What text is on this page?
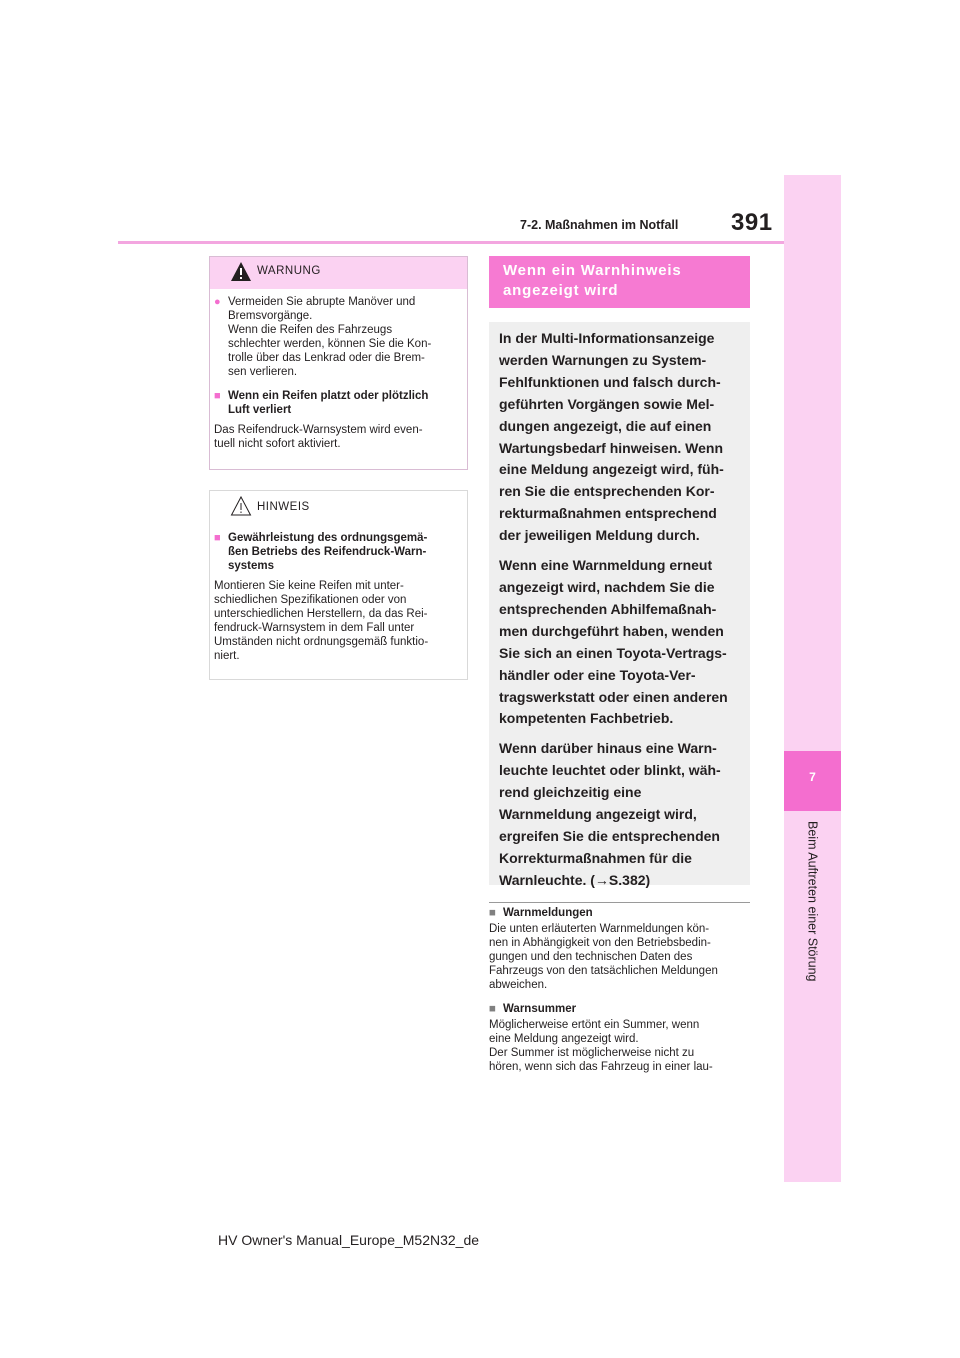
7-2. Maßnahmen im Notfall 391
7
Beim Auftreten einer Störung
WARNUNG
● Vermeiden Sie abrupte Manöver und
Bremsvorgänge.
Wenn die Reifen des Fahrzeugs
schlechter werden, können Sie die Kon-
trolle über das Lenkrad oder die Brem-
sen verlieren.
■ Wenn ein Reifen platzt oder plötzlich
Luft verliert
Das Reifendruck-Warnsystem wird even-
tuell nicht sofort aktiviert.
HINWEIS
■ Gewährleistung des ordnungsgemä-
ßen Betriebs des Reifendruck-Warn-
systems
Montieren Sie keine Reifen mit unter-
schiedlichen Spezifikationen oder von
unterschiedlichen Herstellern, da das Rei-
fendruck-Warnsystem in dem Fall unter
Umständen nicht ordnungsgemäß funktio-
niert.
Wenn ein Warnhinweis
angezeigt wird

In der Multi-Informationsanzeige
werden Warnungen zu System-
Fehlfunktionen und falsch durch-
geführten Vorgängen sowie Mel-
dungen angezeigt, die auf einen
Wartungsbedarf hinweisen. Wenn
eine Meldung angezeigt wird, füh-
ren Sie die entsprechenden Kor-
rekturmaßnahmen entsprechend
der jeweiligen Meldung durch.

Wenn eine Warnmeldung erneut
angezeigt wird, nachdem Sie die
entsprechenden Abhilfemaßnah-
men durchgeführt haben, wenden
Sie sich an einen Toyota-Vertrags-
händler oder eine Toyota-Ver-
tragswerkstatt oder einen anderen
kompetenten Fachbetrieb.

Wenn darüber hinaus eine Warn-
leuchte leuchtet oder blinkt, wäh-
rend gleichzeitig eine
Warnmeldung angezeigt wird,
ergreifen Sie die entsprechenden
Korrekturmaßnahmen für die
Warnleuchte. (→S.382)

■ Warnmeldungen
Die unten erläuterten Warnmeldungen kön-
nen in Abhängigkeit von den Betriebsbedin-
gungen und den technischen Daten des
Fahrzeugs von den tatsächlichen Meldungen
abweichen.
■ Warnsummer
Möglicherweise ertönt ein Summer, wenn
eine Meldung angezeigt wird.
Der Summer ist möglicherweise nicht zu
hören, wenn sich das Fahrzeug in einer lau-
HV Owner's Manual_Europe_M52N32_de
